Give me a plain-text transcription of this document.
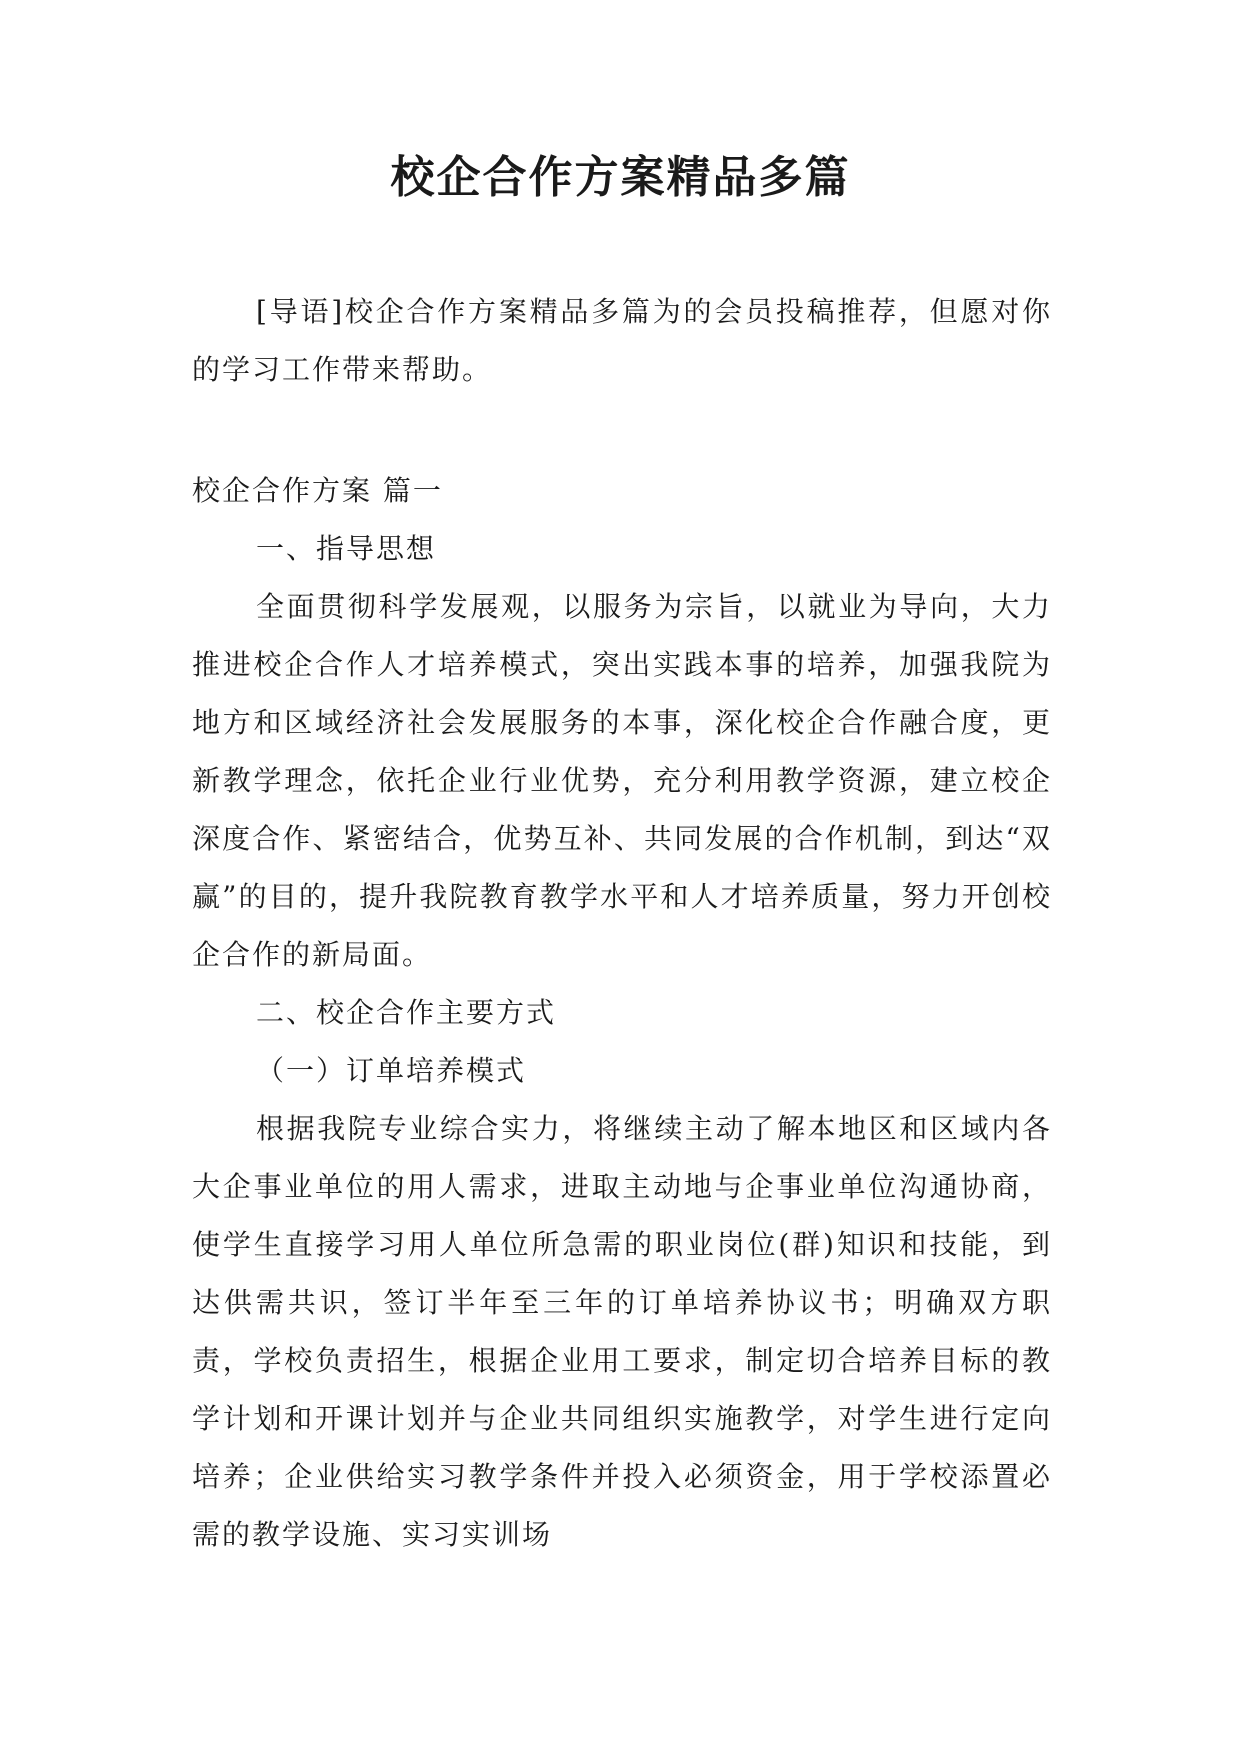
校企合作方案精品多篇

[导语]校企合作方案精品多篇为的会员投稿推荐，但愿对你的学习工作带来帮助。

校企合作方案 篇一

一、指导思想

全面贯彻科学发展观，以服务为宗旨，以就业为导向，大力推进校企合作人才培养模式，突出实践本事的培养，加强我院为地方和区域经济社会发展服务的本事，深化校企合作融合度，更新教学理念，依托企业行业优势，充分利用教学资源，建立校企深度合作、紧密结合，优势互补、共同发展的合作机制，到达“双赢”的目的，提升我院教育教学水平和人才培养质量，努力开创校企合作的新局面。

二、校企合作主要方式

（一）订单培养模式

根据我院专业综合实力，将继续主动了解本地区和区域内各大企事业单位的用人需求，进取主动地与企事业单位沟通协商，使学生直接学习用人单位所急需的职业岗位(群)知识和技能，到达供需共识，签订半年至三年的订单培养协议书；明确双方职责，学校负责招生，根据企业用工要求，制定切合培养目标的教学计划和开课计划并与企业共同组织实施教学，对学生进行定向培养；企业供给实习教学条件并投入必须资金，用于学校添置必需的教学设施、实习实训场
